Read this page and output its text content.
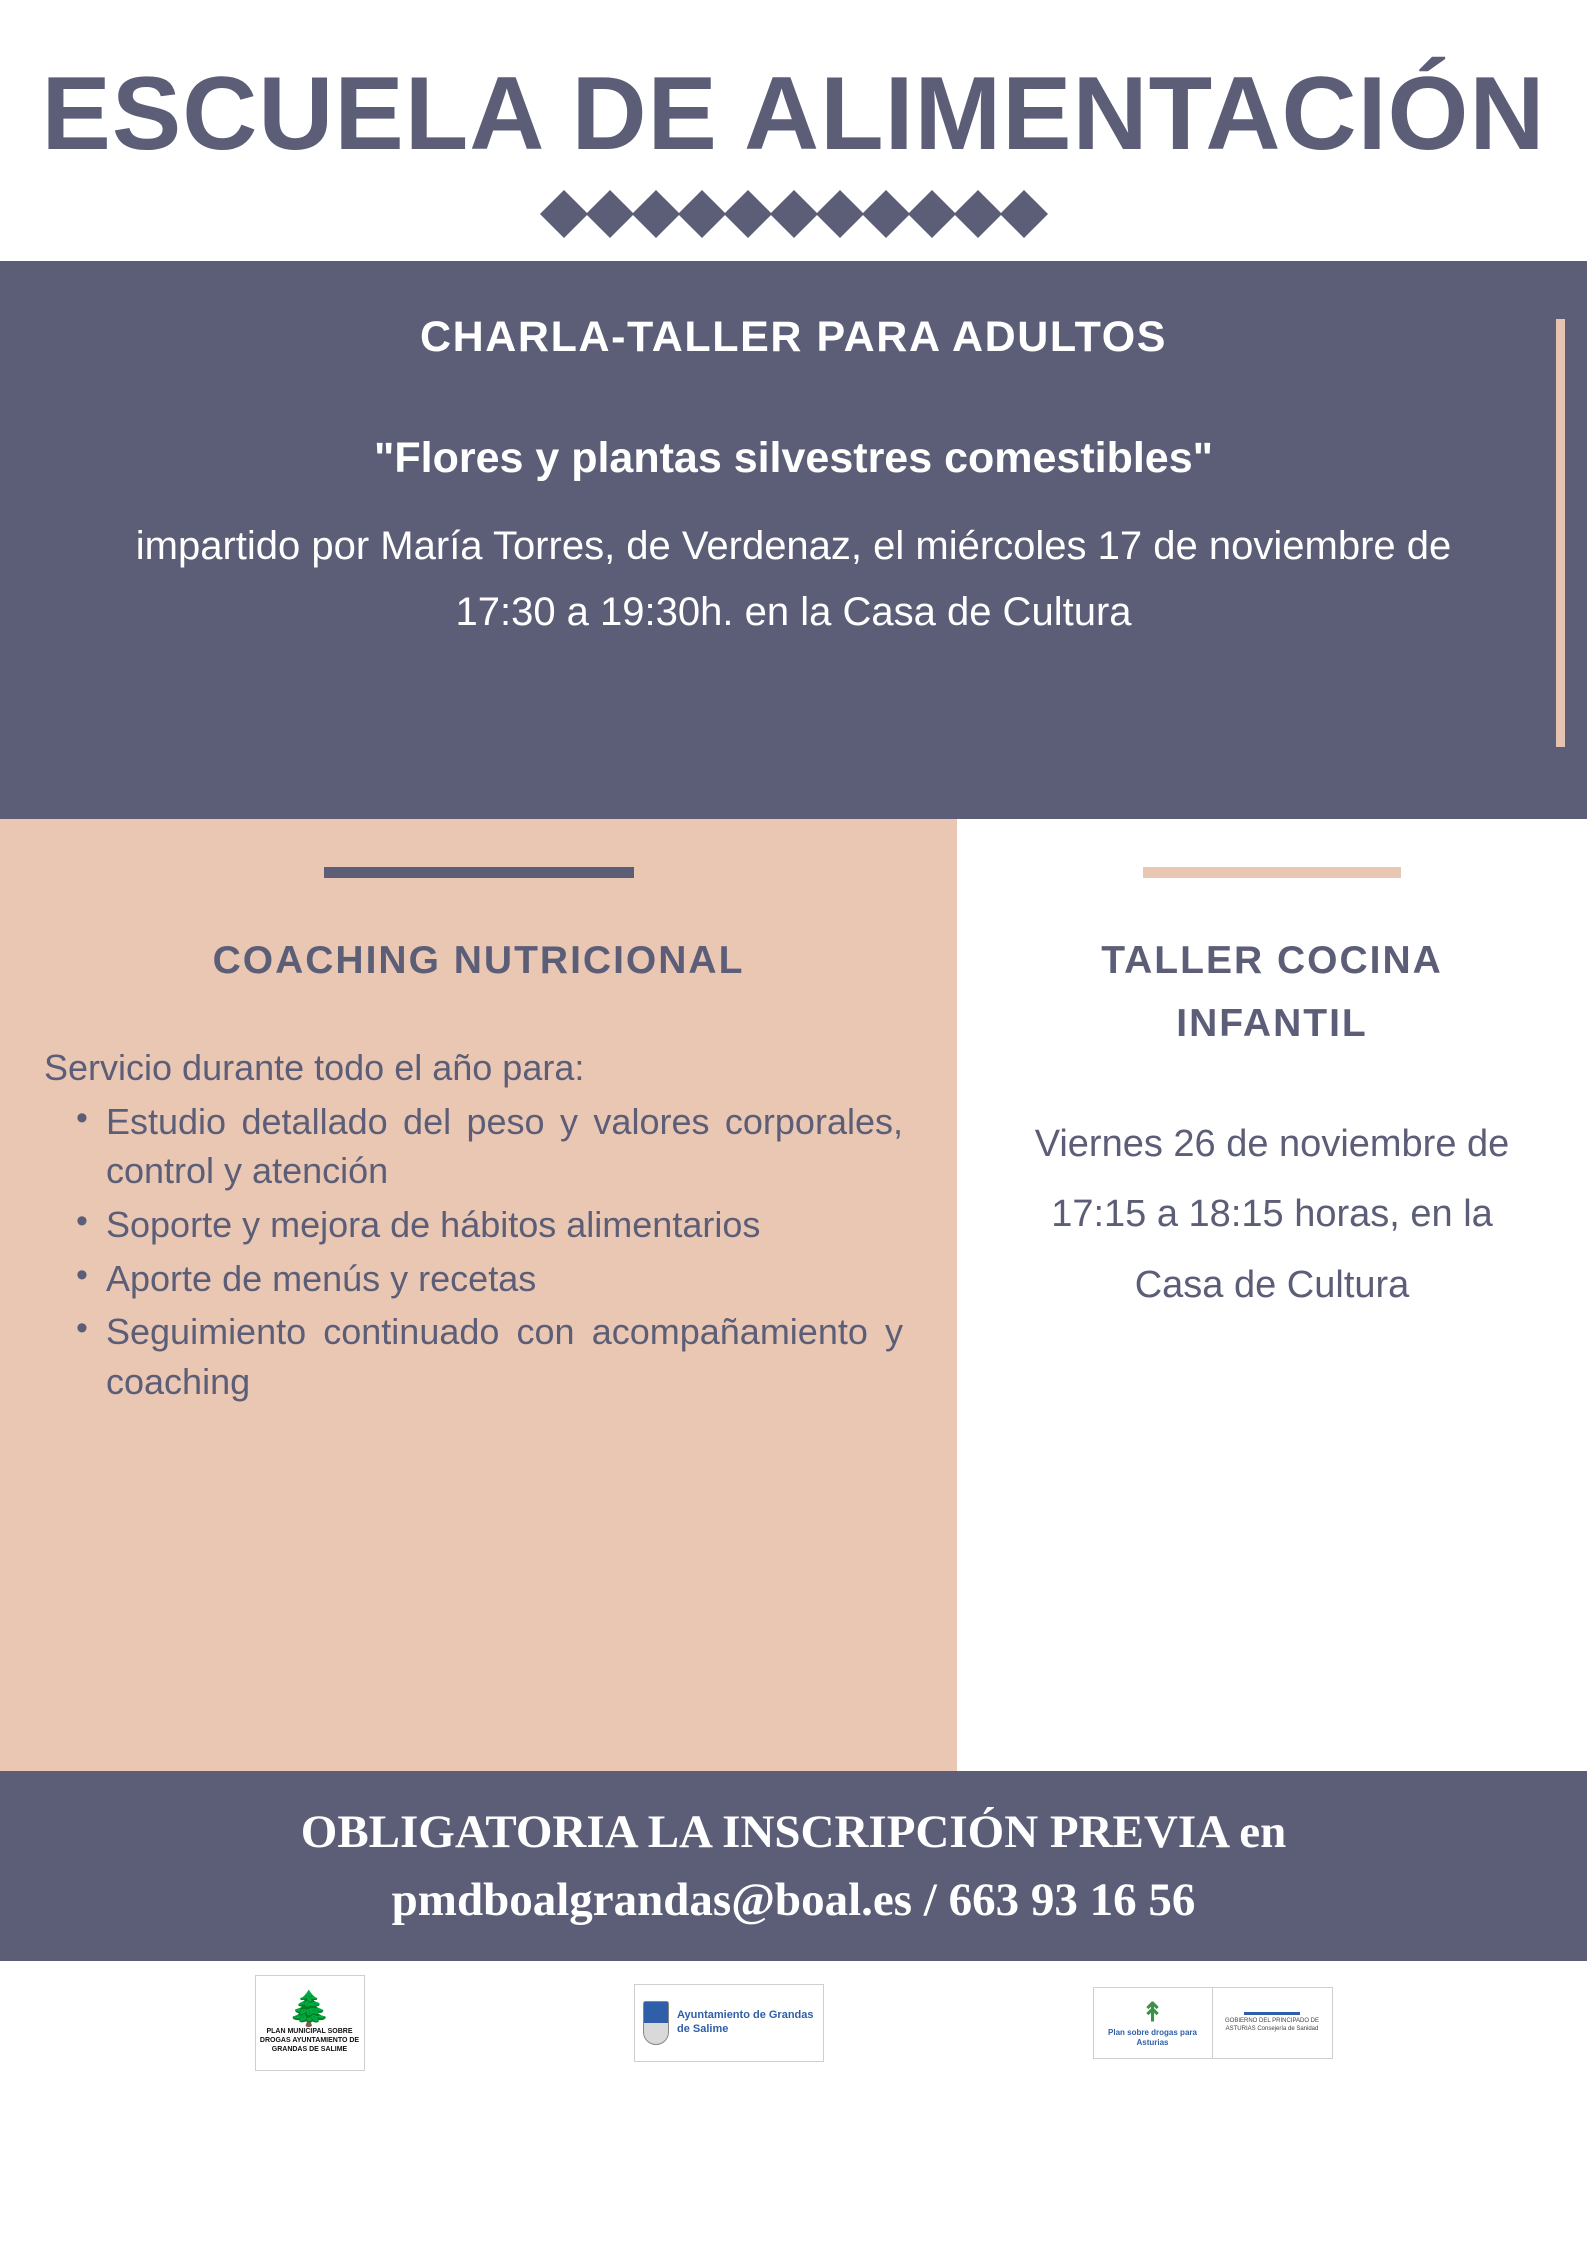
ESCUELA DE ALIMENTACIÓN
CHARLA-TALLER PARA ADULTOS
"Flores y plantas silvestres comestibles"
impartido por María Torres, de Verdenaz, el miércoles 17 de noviembre de 17:30 a 19:30h. en la Casa de Cultura
COACHING NUTRICIONAL

Servicio durante todo el año para:

• Estudio detallado del peso y valores corporales, control y atención
• Soporte y mejora de hábitos alimentarios
• Aporte de menús y recetas
• Seguimiento continuado con acompañamiento y coaching
TALLER COCINA INFANTIL

Viernes 26 de noviembre de 17:15 a 18:15 horas, en la Casa de Cultura

OBLIGATORIA LA INSCRIPCIÓN PREVIA en
pmdboalgrandas@boal.es / 663 93 16 56
🌲
PLAN MUNICIPAL SOBRE DROGAS AYUNTAMIENTO DE GRANDAS DE SALIME
Ayuntamiento de Grandas de Salime
↟
Plan sobre drogas para Asturias
GOBIERNO DEL PRINCIPADO DE ASTURIAS Consejería de Sanidad
